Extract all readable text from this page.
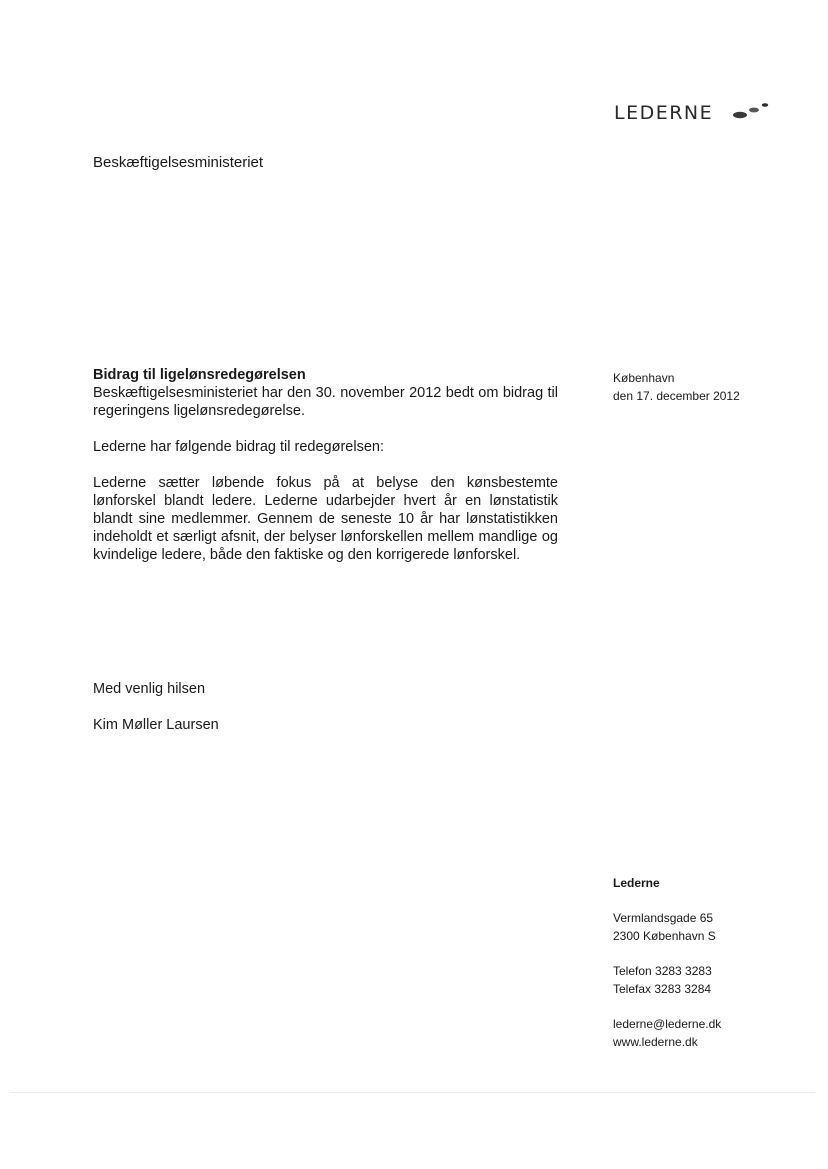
LEDERNE
Beskæftigelsesministeriet
København
den 17. december 2012

Bidrag til ligelønsredegørelsen

Beskæftigelsesministeriet har den 30. november 2012 bedt om bidrag til regeringens ligelønsredegørelse.

Lederne har følgende bidrag til redegørelsen:

Lederne sætter løbende fokus på at belyse den kønsbestemte lønforskel blandt ledere. Lederne udarbejder hvert år en lønstatistik blandt sine medlemmer. Gennem de seneste 10 år har lønstatistikken indeholdt et særligt afsnit, der belyser lønforskellen mellem mandlige og kvindelige ledere, både den faktiske og den korrigerede lønforskel.

Med venlig hilsen
Kim Møller Laursen
Lederne
Vermlandsgade 65
2300 København S
Telefon 3283 3283
Telefax 3283 3284
lederne@lederne.dk
www.lederne.dk
